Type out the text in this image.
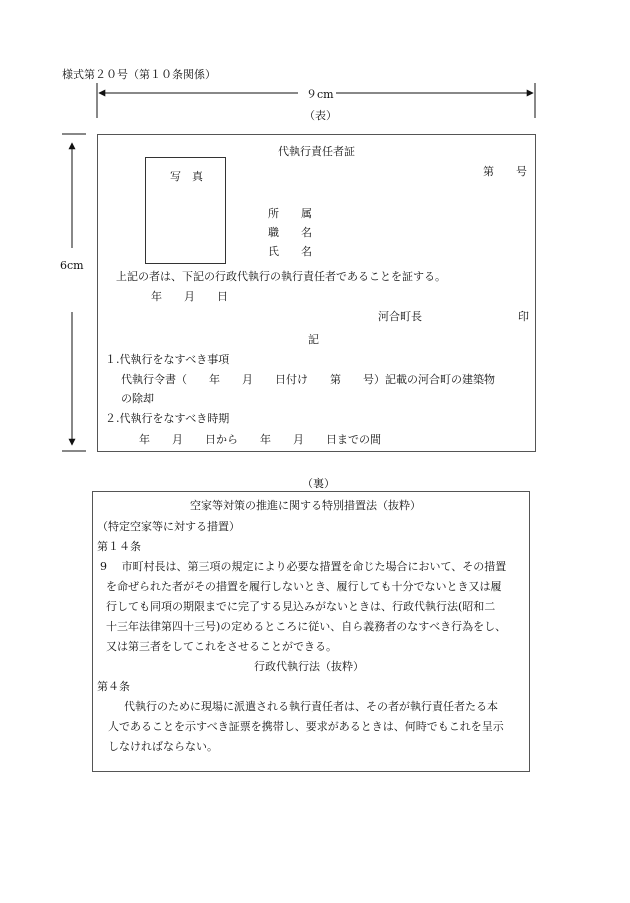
様式第２０号（第１０条関係）
９cm
6cm
（表）
代執行責任者証
第　　号
写　真
所　　属
職　　名
氏　　名
上記の者は、下記の行政代執行の執行責任者であることを証する。
年　　月　　日
河合町長	印
記
１.代執行をなすべき事項
代執行令書（　　年　　月　　日付け　　第　　号）記載の河合町の建築物
の除却
２.代執行をなすべき時期
年　　月　　日から　　年　　月　　日までの間
（裏）
空家等対策の推進に関する特別措置法（抜粋）
（特定空家等に対する措置）
第１４条
9　 市町村長は、第三項の規定により必要な措置を命じた場合において、その措置
を命ぜられた者がその措置を履行しないとき、履行しても十分でないとき又は履
行しても同項の期限までに完了する見込みがないときは、行政代執行法(昭和二
十三年法律第四十三号)の定めるところに従い、自ら義務者のなすべき行為をし、
又は第三者をしてこれをさせることができる。
行政代執行法（抜粋）
第４条
代執行のために現場に派遣される執行責任者は、その者が執行責任者たる本
人であることを示すべき証票を携帯し、要求があるときは、何時でもこれを呈示
しなければならない。
